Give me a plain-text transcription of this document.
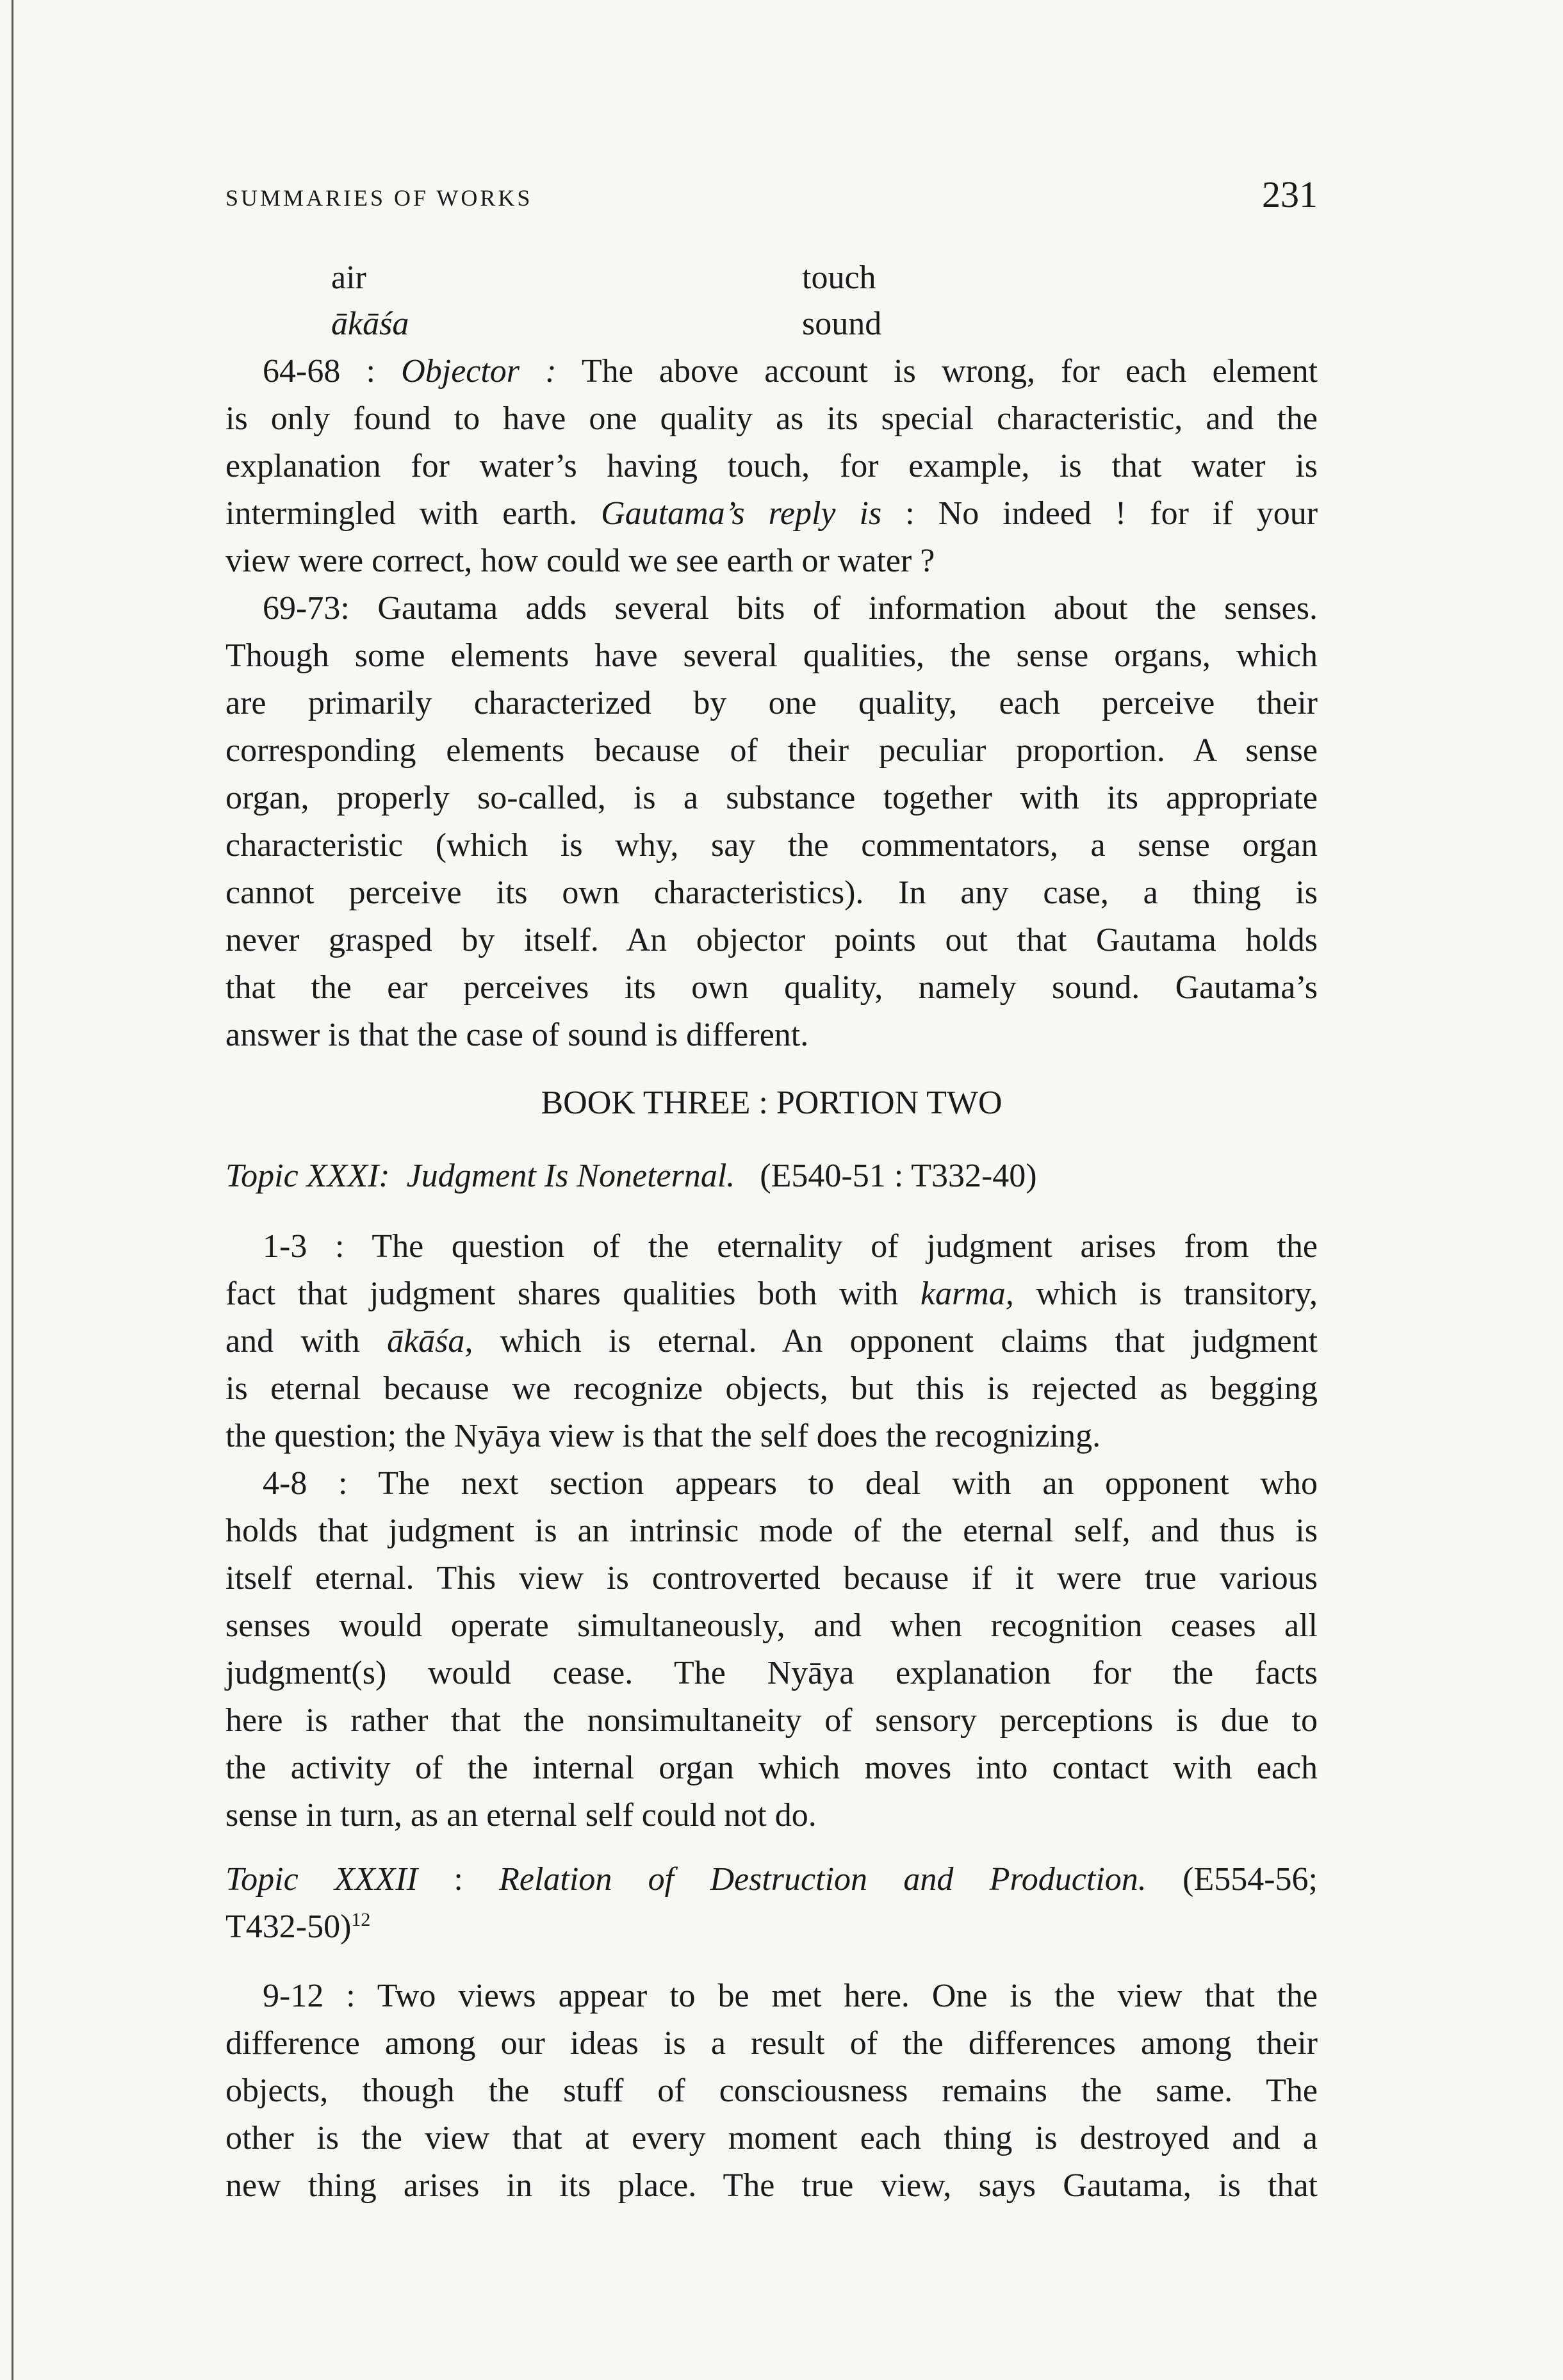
SUMMARIES OF WORKS	231
air	touch
ākāśa	sound
64-68 : Objector : The above account is wrong, for each element
is only found to have one quality as its special characteristic, and the
explanation for water’s having touch, for example, is that water is
intermingled with earth. Gautama’s reply is : No indeed ! for if your
view were correct, how could we see earth or water ?
69-73: Gautama adds several bits of information about the senses.
Though some elements have several qualities, the sense organs, which
are primarily characterized by one quality, each perceive their
corresponding elements because of their peculiar proportion. A sense
organ, properly so-called, is a substance together with its appropriate
characteristic (which is why, say the commentators, a sense organ
cannot perceive its own characteristics). In any case, a thing is
never grasped by itself. An objector points out that Gautama holds
that the ear perceives its own quality, namely sound. Gautama’s
answer is that the case of sound is different.
BOOK THREE : PORTION TWO
Topic XXXI: Judgment Is Noneternal. (E540-51 : T332-40)
1-3 : The question of the eternality of judgment arises from the
fact that judgment shares qualities both with karma, which is transitory,
and with ākāśa, which is eternal. An opponent claims that judgment
is eternal because we recognize objects, but this is rejected as begging
the question; the Nyāya view is that the self does the recognizing.
4-8 : The next section appears to deal with an opponent who
holds that judgment is an intrinsic mode of the eternal self, and thus is
itself eternal. This view is controverted because if it were true various
senses would operate simultaneously, and when recognition ceases all
judgment(s) would cease. The Nyāya explanation for the facts
here is rather that the nonsimultaneity of sensory perceptions is due to
the activity of the internal organ which moves into contact with each
sense in turn, as an eternal self could not do.
Topic XXXII : Relation of Destruction and Production. (E554-56;
T432-50)$^{12}$
9-12 : Two views appear to be met here. One is the view that the
difference among our ideas is a result of the differences among their
objects, though the stuff of consciousness remains the same. The
other is the view that at every moment each thing is destroyed and a
new thing arises in its place. The true view, says Gautama, is that
